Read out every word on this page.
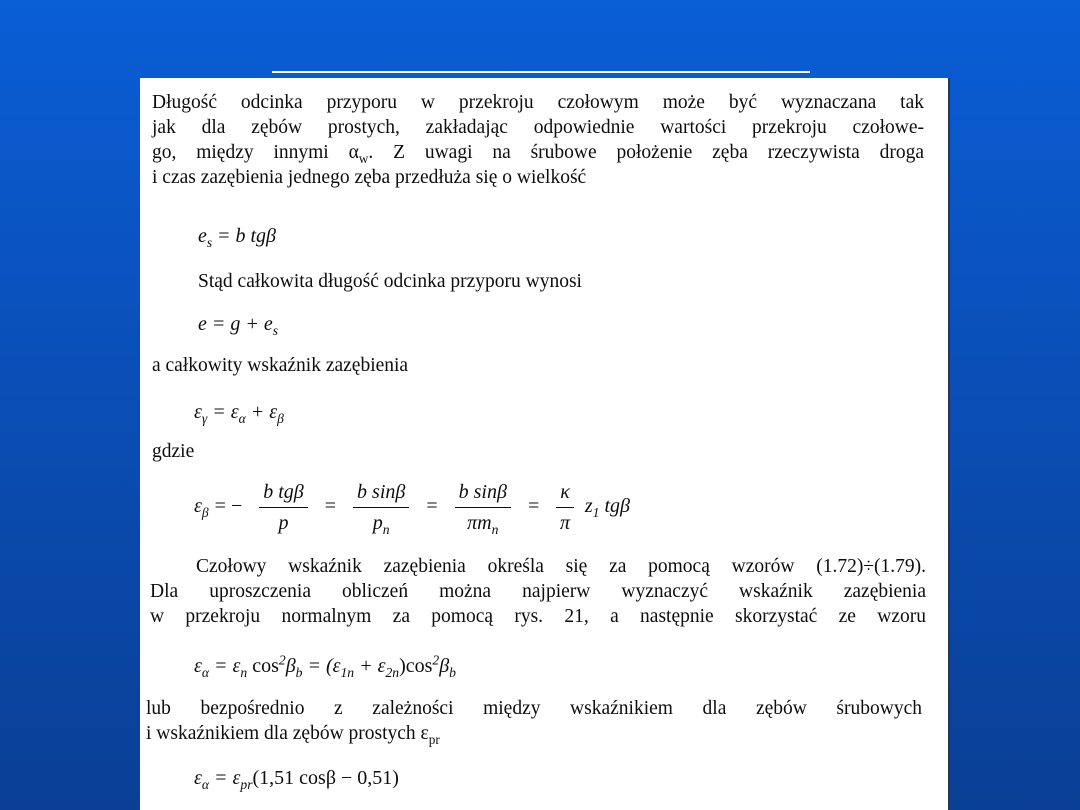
Długość odcinka przyporu w przekroju czołowym może być wyznaczana tak
jak dla zębów prostych, zakładając odpowiednie wartości przekroju czołowe-
go, między innymi $\alpha_w$. Z uwagi na śrubowe położenie zęba rzeczywista droga
i czas zazębienia jednego zęba przedłuża się o wielkość

$e_s = b$ tgβ
Stąd całkowita długość odcinka przyporu wynosi
$e = g + e_s$
a całkowity wskaźnik zazębienia
$\varepsilon_\gamma = \varepsilon_\alpha + \varepsilon_\beta$
gdzie
$\varepsilon_\beta$ = − $\frac{\text{b tgβ}}{p} = \frac{\text{b sinβ}}{p_n} = \frac{\text{b sinβ}}{\pi m_n} = \frac{\kappa}{\pi} z_1$ tgβ

Czołowy wskaźnik zazębienia określa się za pomocą wzorów (1.72)÷(1.79).
Dla uproszczenia obliczeń można najpierw wyznaczyć wskaźnik zazębienia
w przekroju normalnym za pomocą rys. 21, a następnie skorzystać ze wzoru

$\varepsilon_\alpha = \varepsilon_n$ $\cos^2\beta_b = (\varepsilon_{1n} + \varepsilon_{2n})\cos^2\beta_b$

lub bezpośrednio z zależności między wskaźnikiem dla zębów śrubowych
i wskaźnikiem dla zębów prostych $\varepsilon_{pr}$

$\varepsilon_\alpha = \varepsilon_{pr}(1,51$ cosβ − 0,51)
